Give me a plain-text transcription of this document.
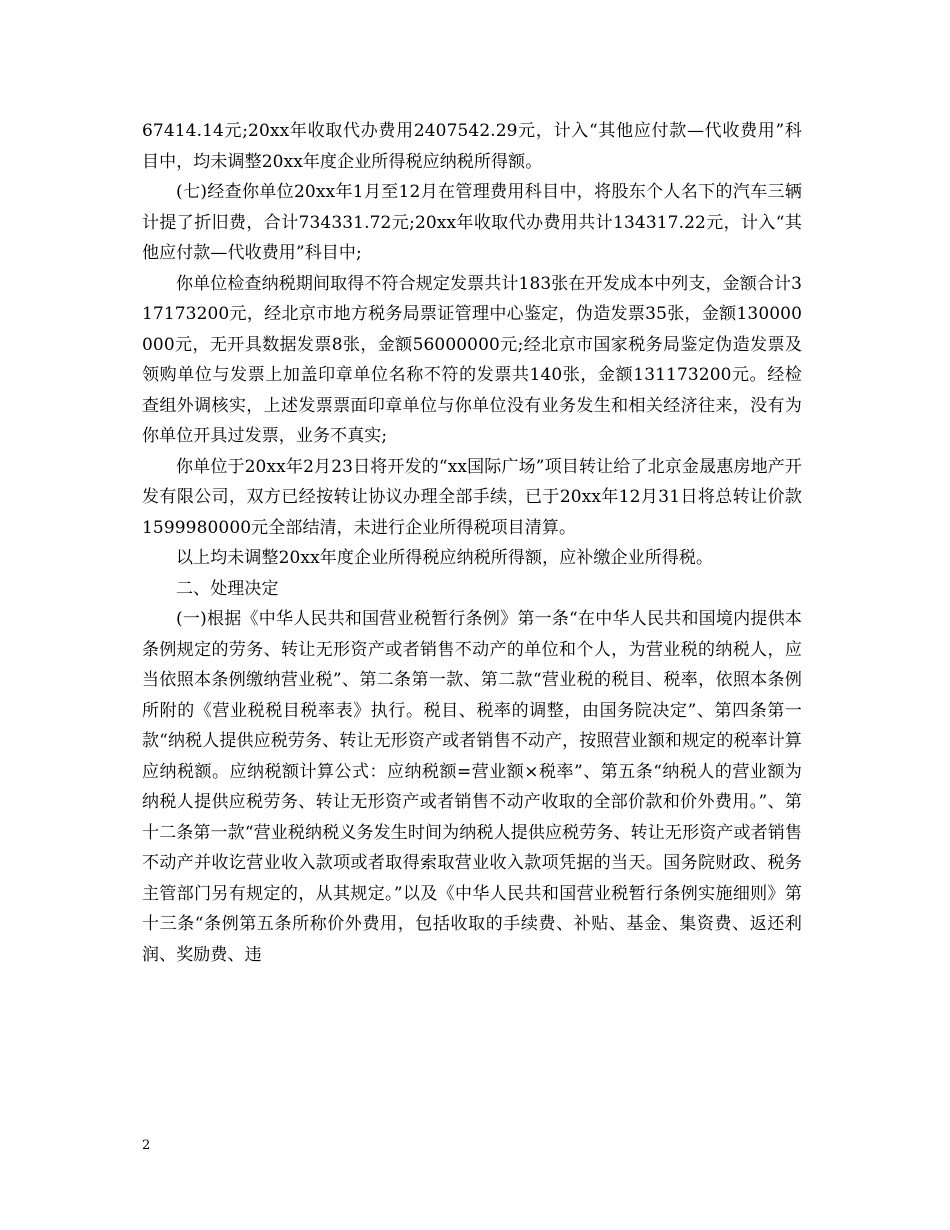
67414.14元;20xx年收取代办费用2407542.29元，计入“其他应付款—代收费用”科目中，均未调整20xx年度企业所得税应纳税所得额。

(七)经查你单位20xx年1月至12月在管理费用科目中，将股东个人名下的汽车三辆计提了折旧费，合计734331.72元;20xx年收取代办费用共计134317.22元，计入“其他应付款—代收费用”科目中;

你单位检查纳税期间取得不符合规定发票共计183张在开发成本中列支，金额合计317173200元，经北京市地方税务局票证管理中心鉴定，伪造发票35张，金额130000000元，无开具数据发票8张，金额56000000元;经北京市国家税务局鉴定伪造发票及领购单位与发票上加盖印章单位名称不符的发票共140张，金额131173200元。经检查组外调核实，上述发票票面印章单位与你单位没有业务发生和相关经济往来，没有为你单位开具过发票，业务不真实;

你单位于20xx年2月23日将开发的“xx国际广场”项目转让给了北京金晟惠房地产开发有限公司，双方已经按转让协议办理全部手续，已于20xx年12月31日将总转让价款1599980000元全部结清，未进行企业所得税项目清算。

以上均未调整20xx年度企业所得税应纳税所得额，应补缴企业所得税。

二、处理决定

(一)根据《中华人民共和国营业税暂行条例》第一条“在中华人民共和国境内提供本条例规定的劳务、转让无形资产或者销售不动产的单位和个人，为营业税的纳税人，应当依照本条例缴纳营业税”、第二条第一款、第二款“营业税的税目、税率，依照本条例所附的《营业税税目税率表》执行。税目、税率的调整，由国务院决定”、第四条第一款“纳税人提供应税劳务、转让无形资产或者销售不动产，按照营业额和规定的税率计算应纳税额。应纳税额计算公式：应纳税额=营业额×税率”、第五条“纳税人的营业额为纳税人提供应税劳务、转让无形资产或者销售不动产收取的全部价款和价外费用。”、第十二条第一款“营业税纳税义务发生时间为纳税人提供应税劳务、转让无形资产或者销售不动产并收讫营业收入款项或者取得索取营业收入款项凭据的当天。国务院财政、税务主管部门另有规定的，从其规定。”以及《中华人民共和国营业税暂行条例实施细则》第十三条“条例第五条所称价外费用，包括收取的手续费、补贴、基金、集资费、返还利润、奖励费、违

2
